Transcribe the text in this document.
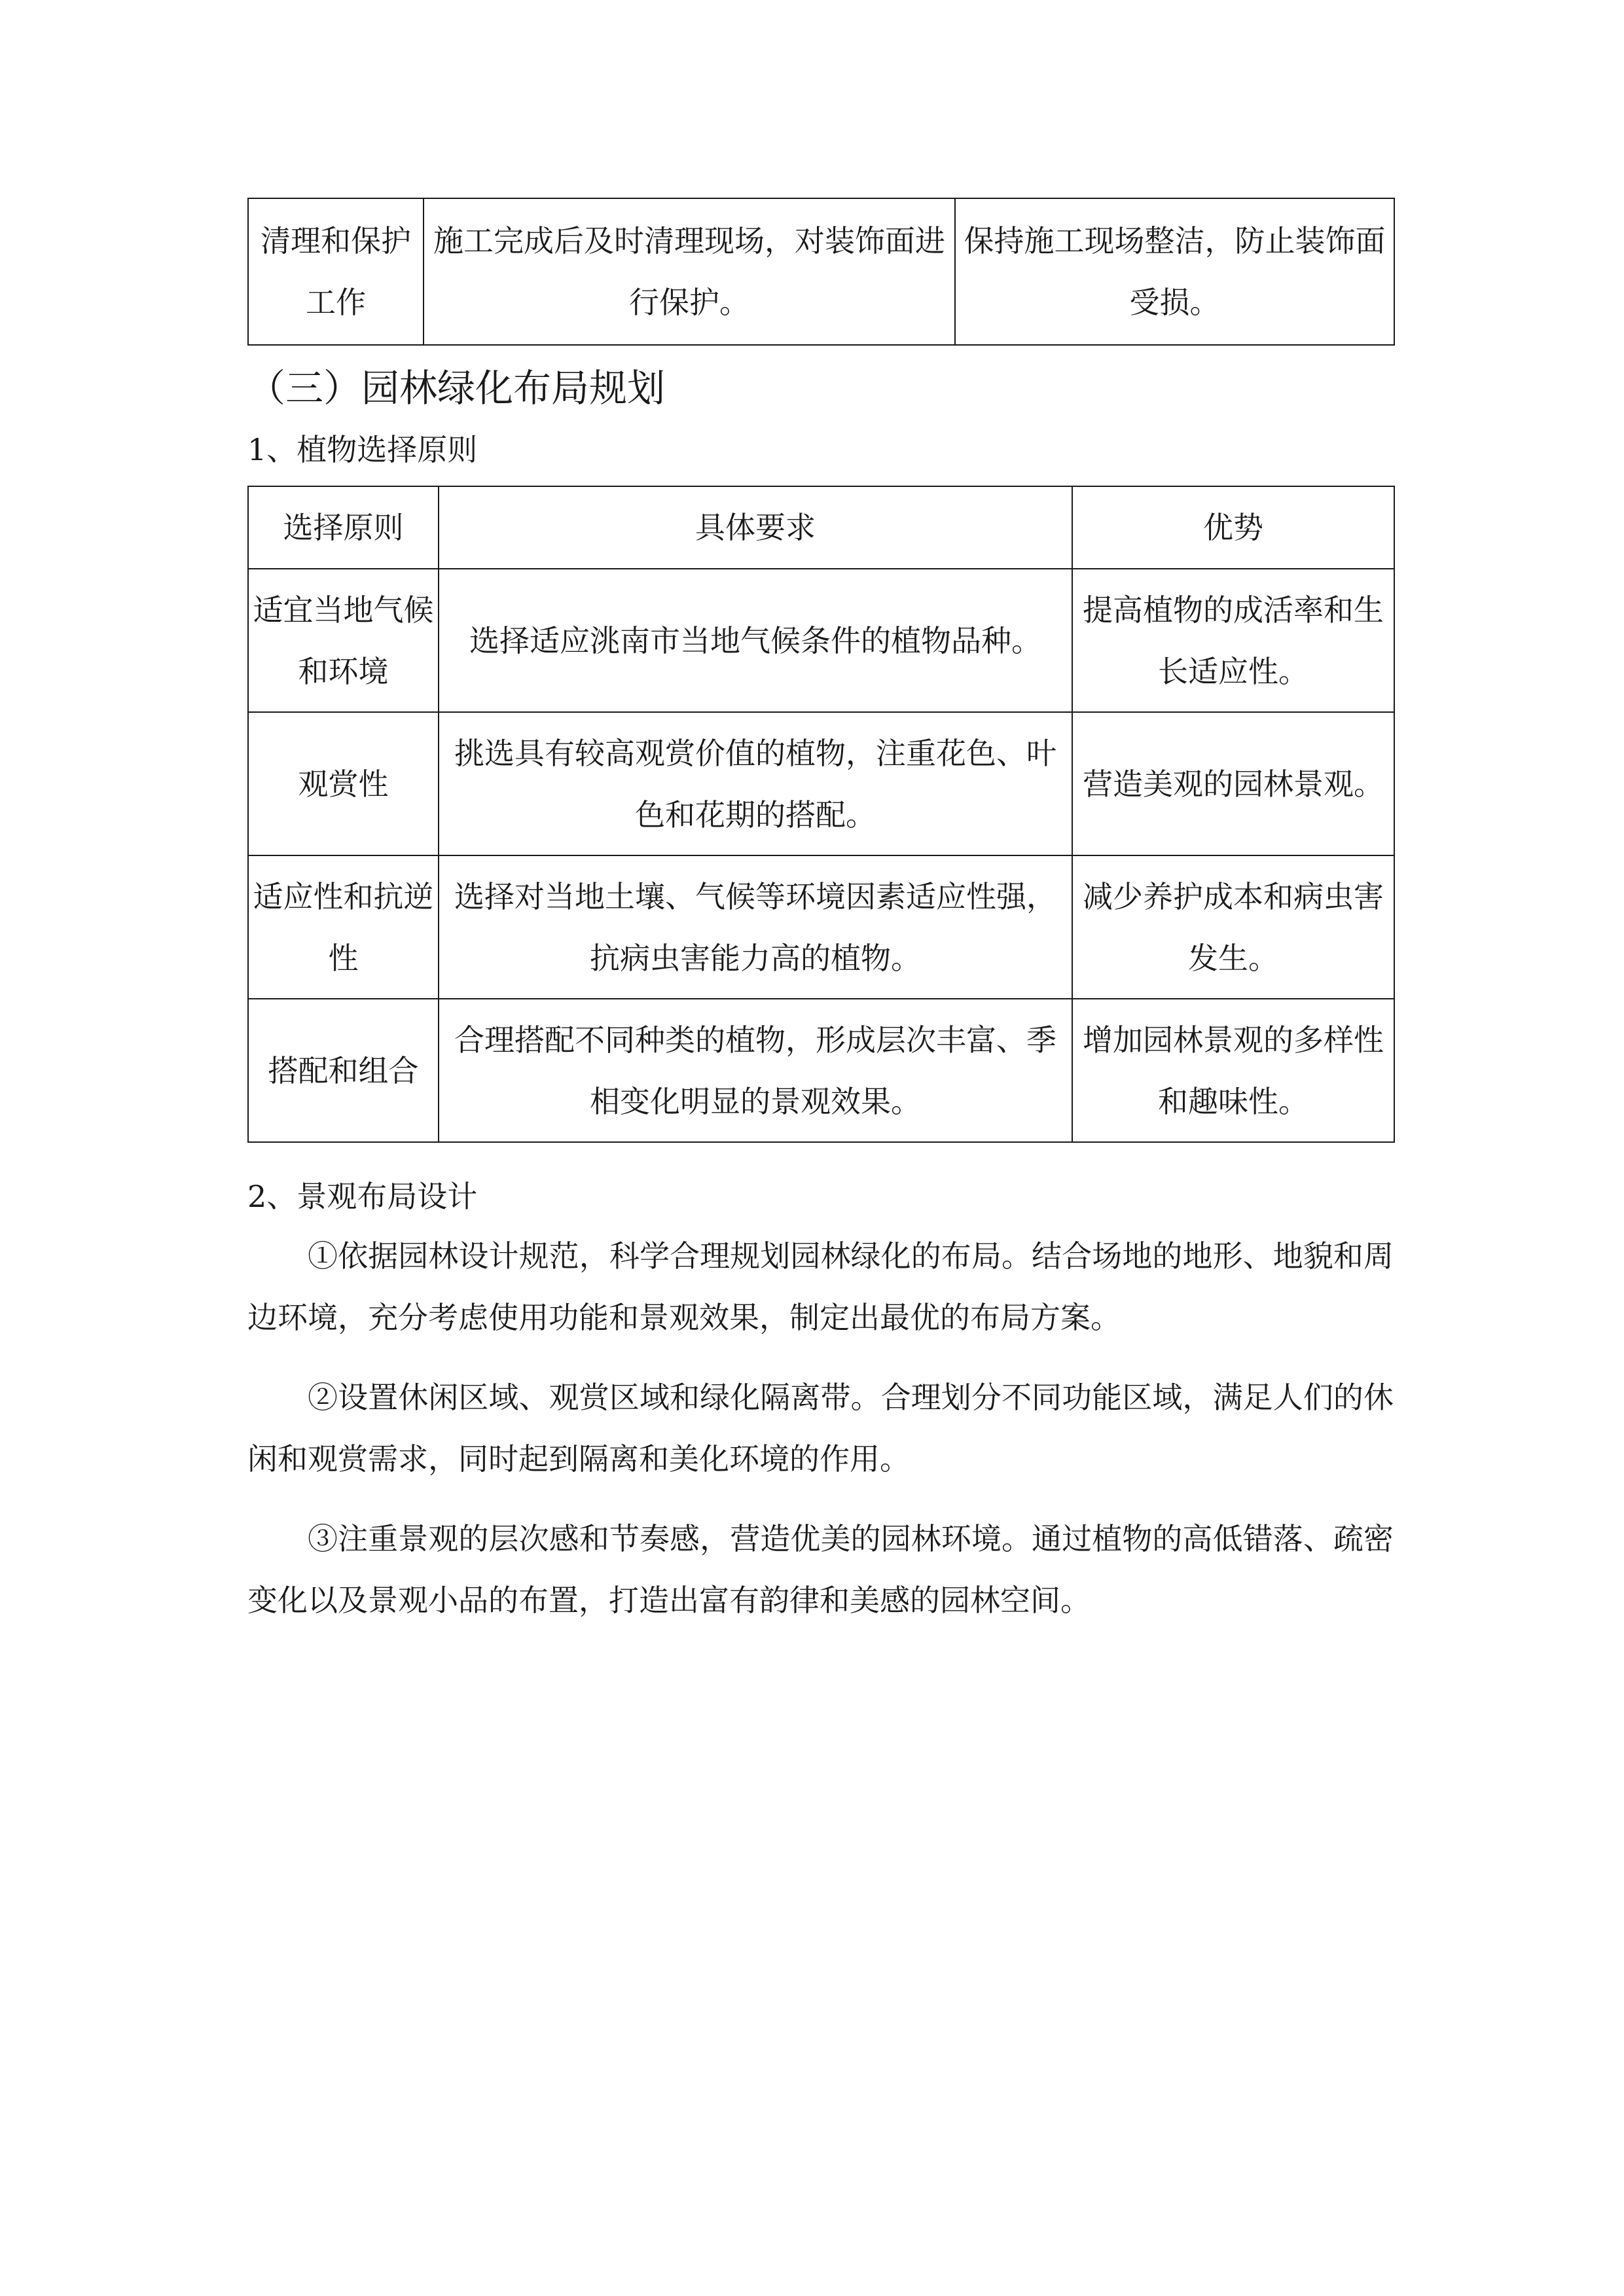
清理和保护工作	施工完成后及时清理现场，对装饰面进行保护。	保持施工现场整洁，防止装饰面受损。
（三）园林绿化布局规划
1、植物选择原则
选择原则	具体要求	优势
适宜当地气候和环境	选择适应洮南市当地气候条件的植物品种。	提高植物的成活率和生长适应性。
观赏性	挑选具有较高观赏价值的植物，注重花色、叶色和花期的搭配。	营造美观的园林景观。
适应性和抗逆性	选择对当地土壤、气候等环境因素适应性强，抗病虫害能力高的植物。	减少养护成本和病虫害发生。
搭配和组合	合理搭配不同种类的植物，形成层次丰富、季相变化明显的景观效果。	增加园林景观的多样性和趣味性。
2、景观布局设计

①依据园林设计规范，科学合理规划园林绿化的布局。结合场地的地形、地貌和周边环境，充分考虑使用功能和景观效果，制定出最优的布局方案。

②设置休闲区域、观赏区域和绿化隔离带。合理划分不同功能区域，满足人们的休闲和观赏需求，同时起到隔离和美化环境的作用。

③注重景观的层次感和节奏感，营造优美的园林环境。通过植物的高低错落、疏密变化以及景观小品的布置，打造出富有韵律和美感的园林空间。
